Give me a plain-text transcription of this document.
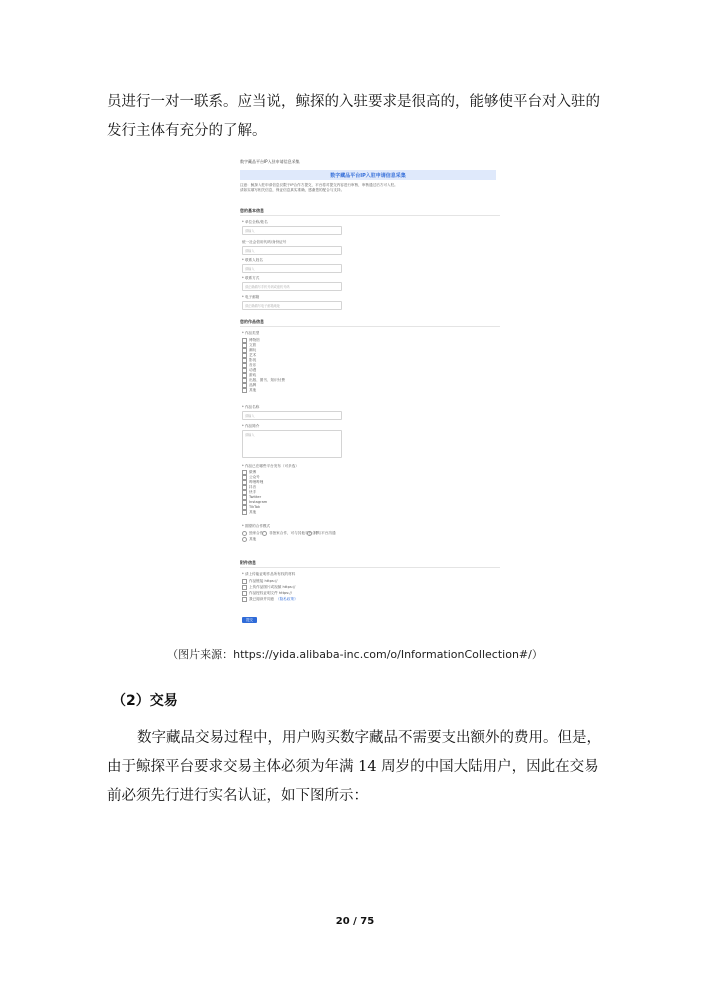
员进行一对一联系。应当说，鲸探的入驻要求是很高的，能够使平台对入驻的发行主体有充分的了解。

数字藏品平台IP入驻申请信息采集
数字藏品平台IP入驻申请信息采集
注意：鲸探入驻申请信息仅限于IP合作方提交，平台将对提交内容进行审核，审核通过后方可入驻。
请如实填写相关信息，保证信息真实准确，感谢您的配合与支持。
您的基本信息
* 单位全称/姓名
请输入
统一社会信用代码/身份证号
请输入
* 联系人姓名
请输入
* 联系方式
请正确填写手机号码或座机号码
* 电子邮箱
请正确填写电子邮箱地址
您的作品信息
* 作品类型
博物馆
文旅
潮玩
艺术
影视
音乐
动漫
游戏
出版、图书、知识付费
品牌
其他
* 作品名称
请输入
* 作品简介
请输入
* 作品已在哪些平台发布（可多选）
微博
公众号
哔哩哔哩
抖音
快手
Twitter
Instagram
TikTok
其他
* 期望的合作模式
独家合作 非独家合作，可与其他平台合作
待与平台沟通
其他
附件信息
* 请上传能证明作品所有权的材料
作品链接 https://
上传作品图片或视频 https://
作品授权证明文件 https://
我已阅读并同意 《隐私政策》
提交
（图片来源：https://yida.alibaba-inc.com/o/InformationCollection#/）
（2）交易

数字藏品交易过程中，用户购买数字藏品不需要支出额外的费用。但是，由于鲸探平台要求交易主体必须为年满 14 周岁的中国大陆用户，因此在交易前必须先行进行实名认证，如下图所示：

20 / 75
